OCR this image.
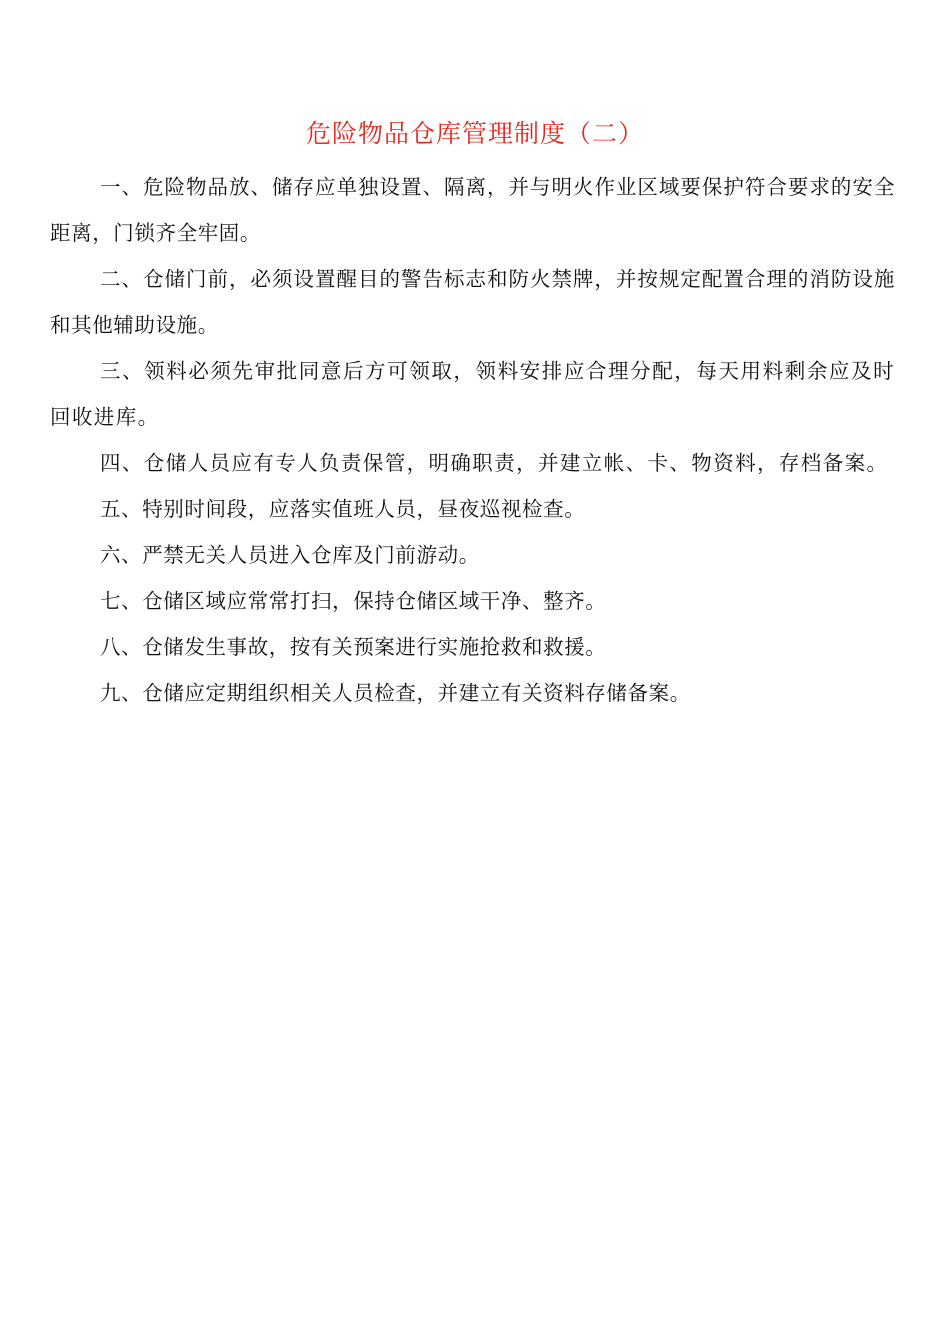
危险物品仓库管理制度（二）

一、危险物品放、储存应单独设置、隔离，并与明火作业区域要保护符合要求的安全距离，门锁齐全牢固。

二、仓储门前，必须设置醒目的警告标志和防火禁牌，并按规定配置合理的消防设施和其他辅助设施。

三、领料必须先审批同意后方可领取，领料安排应合理分配，每天用料剩余应及时回收进库。

四、仓储人员应有专人负责保管，明确职责，并建立帐、卡、物资料，存档备案。

五、特别时间段，应落实值班人员，昼夜巡视检查。

六、严禁无关人员进入仓库及门前游动。

七、仓储区域应常常打扫，保持仓储区域干净、整齐。

八、仓储发生事故，按有关预案进行实施抢救和救援。

九、仓储应定期组织相关人员检查，并建立有关资料存储备案。
